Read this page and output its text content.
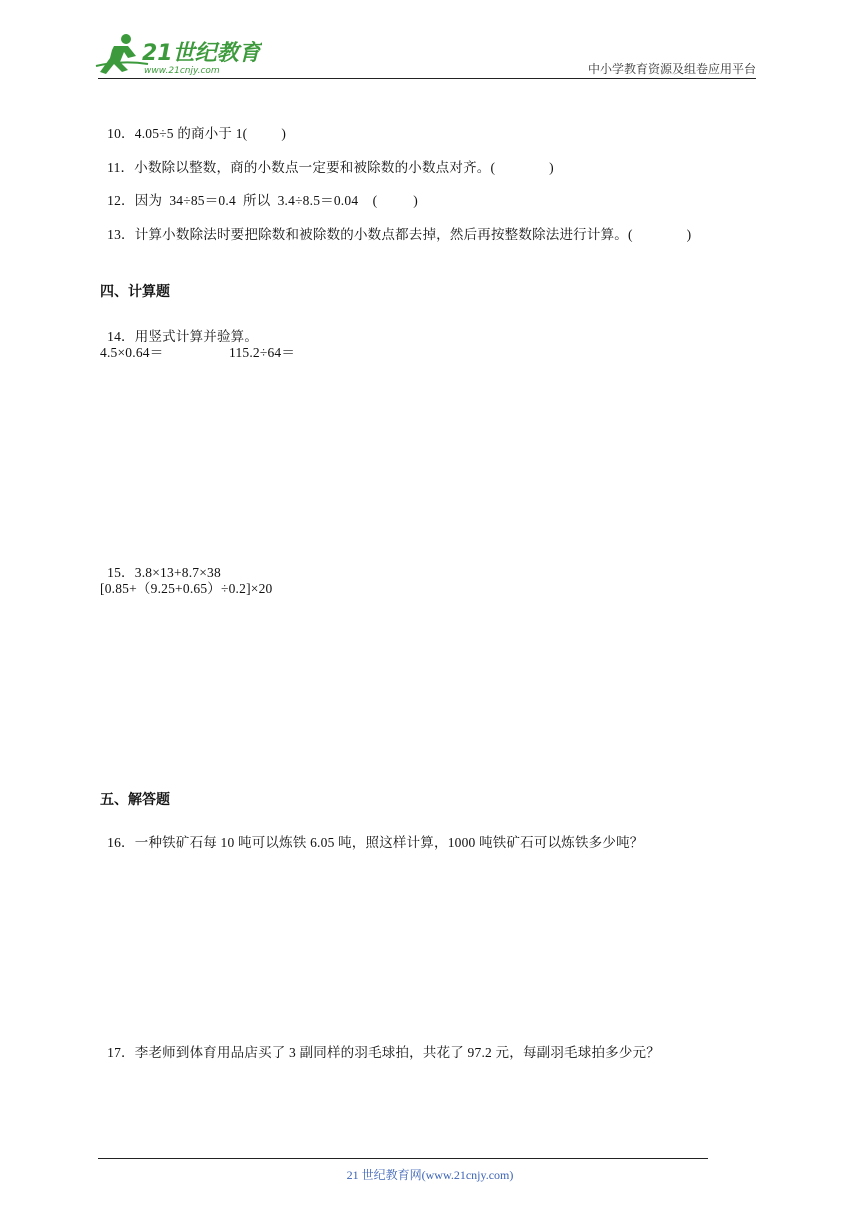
21世纪教育
www.21cnjy.com	中小学教育资源及组卷应用平台

10．4.05÷5 的商小于 1(	)

11．小数除以整数，商的小数点一定要和被除数的小数点对齐。(	)

12．因为  34÷85＝0.4  所以  3.4÷8.5＝0.04    (	)

13．计算小数除法时要把除数和被除数的小数点都去掉，然后再按整数除法进行计算。(	)

四、计算题

14．用竖式计算并验算。

4.5×0.64＝	115.2÷64＝

15．3.8×13+8.7×38

[0.85+（9.25+0.65）÷0.2]×20
五、解答题

16．一种铁矿石每 10 吨可以炼铁 6.05 吨，照这样计算，1000 吨铁矿石可以炼铁多少吨？

17．李老师到体育用品店买了 3 副同样的羽毛球拍，共花了 97.2 元，每副羽毛球拍多少元？

21 世纪教育网(www.21cnjy.com)
